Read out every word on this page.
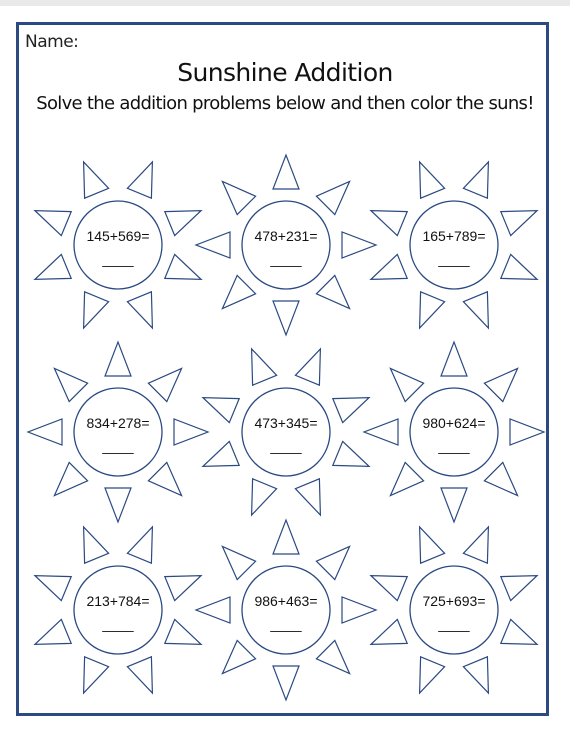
Name:
Sunshine Addition
Solve the addition problems below and then color the suns!
145+569=
____
478+231=
____
165+789=
____
834+278=
____
473+345=
____
980+624=
____
213+784=
____
986+463=
____
725+693=
____
